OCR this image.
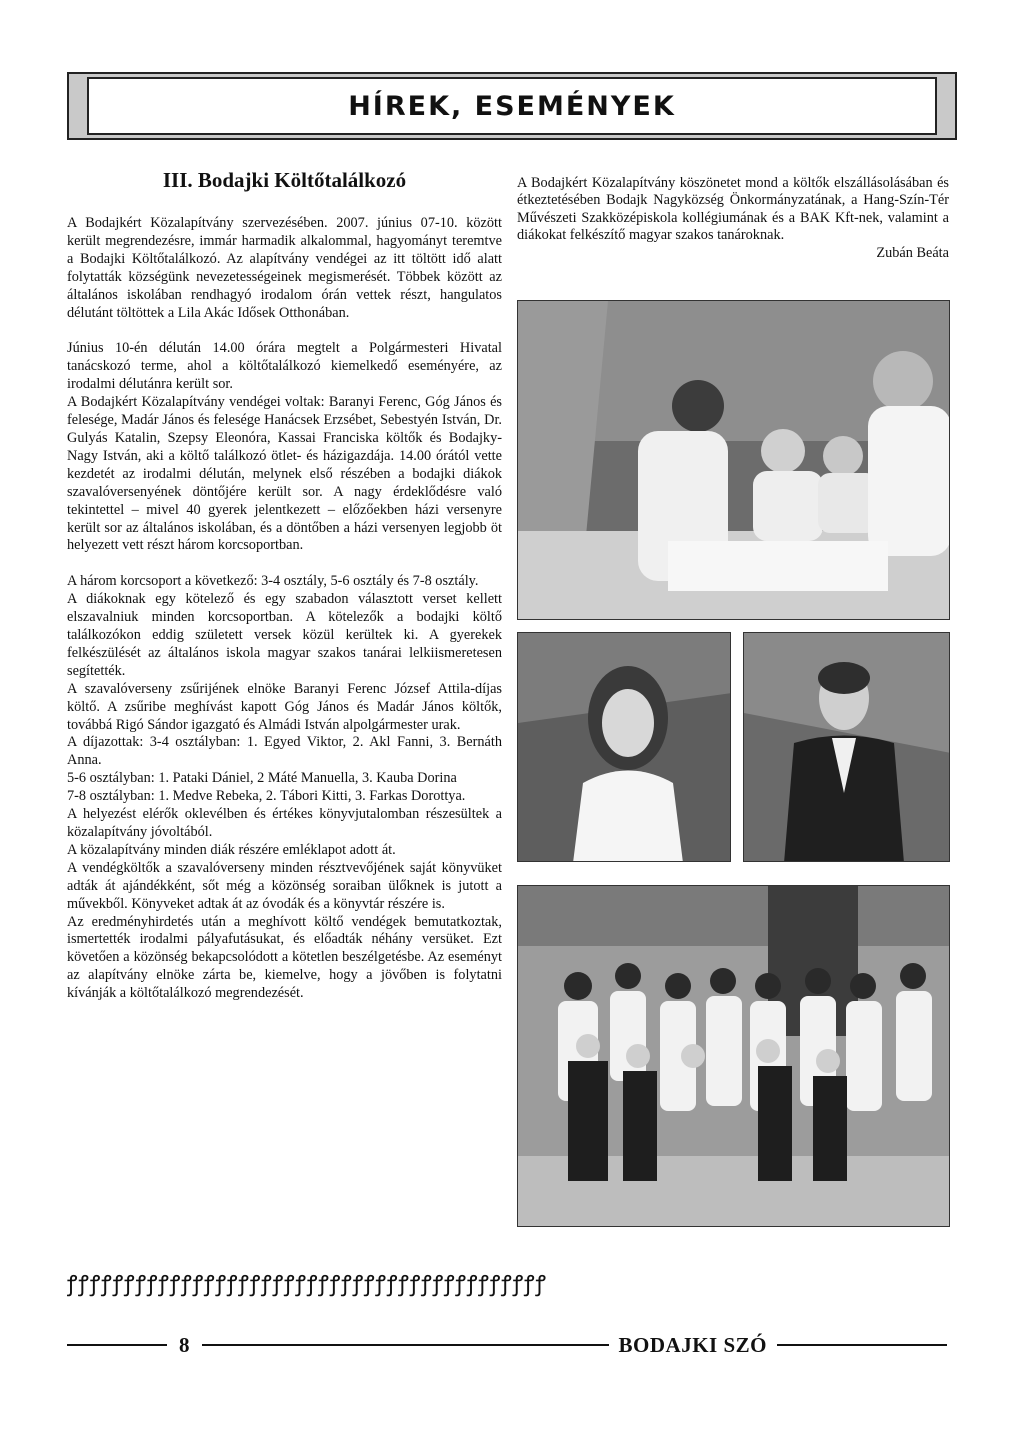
HÍREK, ESEMÉNYEK
III. Bodajki Költőtalálkozó

A Bodajkért Közalapítvány szervezésében. 2007. június 07-10. között került megrendezésre, immár harmadik alkalommal, hagyományt teremtve a Bodajki Költőtalálkozó. Az alapítvány vendégei az itt töltött idő alatt folytatták községünk nevezetességeinek megismerését. Többek között az általános iskolában rendhagyó irodalom órán vettek részt, hangulatos délutánt töltöttek a Lila Akác Idősek Otthonában.

Június 10-én délután 14.00 órára megtelt a Polgármesteri Hivatal tanácskozó terme, ahol a költőtalálkozó kiemelkedő eseményére, az irodalmi délutánra került sor.

A Bodajkért Közalapítvány vendégei voltak: Baranyi Ferenc, Góg János és felesége, Madár János és felesége Hanácsek Erzsébet, Sebestyén István, Dr. Gulyás Katalin, Szepsy Eleonóra, Kassai Franciska költők és Bodajky-Nagy István, aki a költő találkozó ötlet- és házigazdája. 14.00 órától vette kezdetét az irodalmi délután, melynek első részében a bodajki diákok szavalóversenyének döntőjére került sor. A nagy érdeklődésre való tekintettel – mivel 40 gyerek jelentkezett – előzőekben házi versenyre került sor az általános iskolában, és a döntőben a házi versenyen legjobb öt helyezett vett részt három korcsoportban.

A három korcsoport a következő: 3-4 osztály, 5-6 osztály és 7-8 osztály.

A diákoknak egy kötelező és egy szabadon választott verset kellett elszavalniuk minden korcsoportban. A kötelezők a bodajki költő találkozókon eddig született versek közül kerültek ki. A gyerekek felkészülését az általános iskola magyar szakos tanárai lelkiismeretesen segítették.

A szavalóverseny zsűrijének elnöke Baranyi Ferenc József Attila-díjas költő. A zsűribe meghívást kapott Góg János és Madár János költők, továbbá Rigó Sándor igazgató és Almádi István alpolgármester urak.

A díjazottak: 3-4 osztályban: 1. Egyed Viktor, 2. Akl Fanni, 3. Bernáth Anna.

5-6 osztályban: 1. Pataki Dániel, 2 Máté Manuella, 3. Kauba Dorina

7-8 osztályban: 1. Medve Rebeka, 2. Tábori Kitti, 3. Farkas Dorottya.

A helyezést elérők oklevélben és értékes könyvjutalomban részesültek a közalapítvány jóvoltából.

A közalapítvány minden diák részére emléklapot adott át.

A vendégköltők a szavalóverseny minden résztvevőjének saját könyvüket adták át ajándékként, sőt még a közönség soraiban ülőknek is jutott a művekből. Könyveket adtak át az óvodák és a könyvtár részére is.

Az eredményhirdetés után a meghívott költő vendégek bemutatkoztak, ismertették irodalmi pályafutásukat, és előadták néhány versüket. Ezt követően a közönség bekapcsolódott a kötetlen beszélgetésbe. Az eseményt az alapítvány elnöke zárta be, kiemelve, hogy a jövőben is folytatni kívánják a költőtalálkozó megrendezését.

A Bodajkért Közalapítvány köszönetet mond a költők elszállásolásában és étkeztetésében Bodajk Nagyközség Önkormányzatának, a Hang-Szín-Tér Művészeti Szakközépiskola kollégiumának és a BAK Kft-nek, valamint a diákokat felkészítő magyar szakos tanároknak.

Zubán Beáta

ꝭꝭꝭꝭꝭꝭꝭꝭꝭꝭꝭꝭꝭꝭꝭꝭꝭꝭꝭꝭꝭꝭꝭꝭꝭꝭꝭꝭꝭꝭꝭꝭꝭꝭꝭꝭꝭꝭꝭꝭꝭꝭ
8	BODAJKI SZÓ
